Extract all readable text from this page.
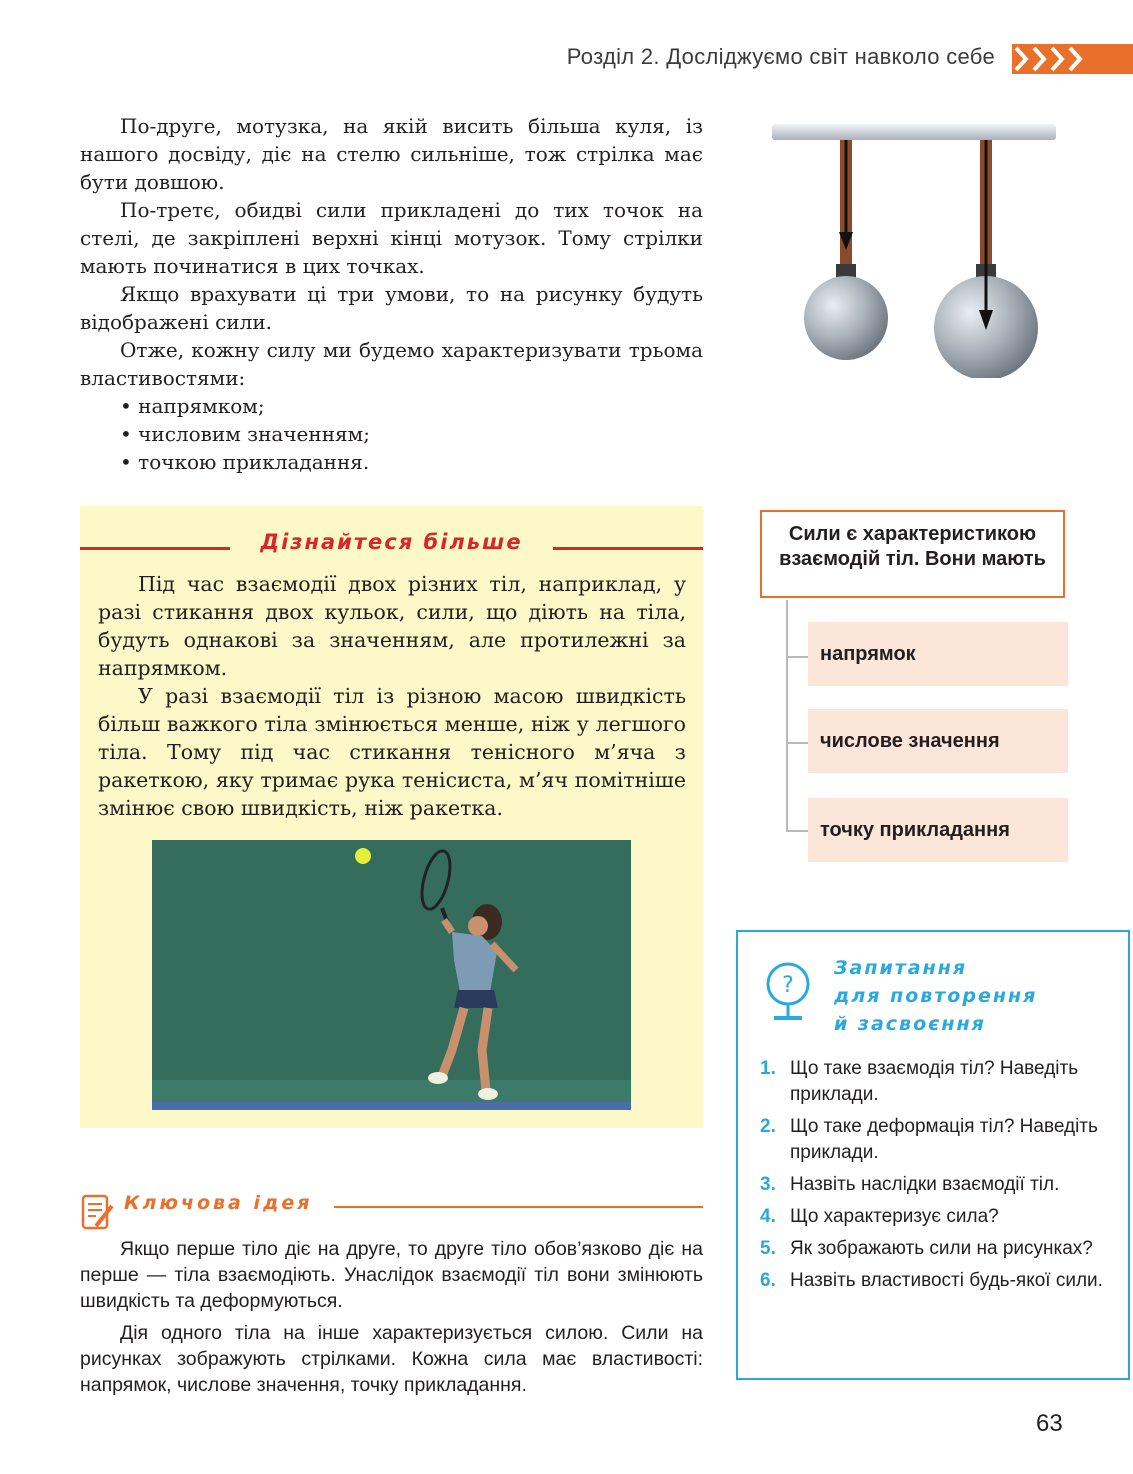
Розділ 2. Досліджуємо світ навколо себе

По-друге, мотузка, на якій висить більша куля, із нашого досвіду, діє на стелю сильніше, тож стрілка має бути довшою.

По-третє, обидві сили прикладені до тих точок на стелі, де закріплені верхні кінці мотузок. Тому стрілки мають починатися в цих точках.

Якщо врахувати ці три умови, то на рисунку будуть відображені сили.

Отже, кожну силу ми будемо характеризувати трьома властивостями:

• напрямком;
• числовим значенням;
• точкою прикладання.
Дізнайтеся більше

Під час взаємодії двох різних тіл, наприклад, у разі стикання двох кульок, сили, що діють на тіла, будуть однакові за значенням, але протилежні за напрямком.

У разі взаємодії тіл із різною масою швидкість більш важкого тіла змінюється менше, ніж у легшого тіла. Тому під час стикання тенісного м’яча з ракеткою, яку тримає рука тенісиста, м’яч помітніше змінює свою швидкість, ніж ракетка.

Сили є характеристикою взаємодій тіл. Вони мають
напрямок
числове значення
точку прикладання
?
Запитання
для повторення
й засвоєння
1. Що таке взаємодія тіл? Наведіть приклади.
2. Що таке деформація тіл? Наведіть приклади.
3. Назвіть наслідки взаємодії тіл.
4. Що характеризує сила?
5. Як зображають сили на рисунках?
6. Назвіть властивості будь-якої сили.
Ключова ідея

Якщо перше тіло діє на друге, то друге тіло обов’язково діє на перше — тіла взаємодіють. Унаслідок взаємодії тіл вони змінюють швидкість та деформуються.

Дія одного тіла на інше характеризується силою. Сили на рисунках зображують стрілками. Кожна сила має властивості: напрямок, числове значення, точку прикладання.

63
